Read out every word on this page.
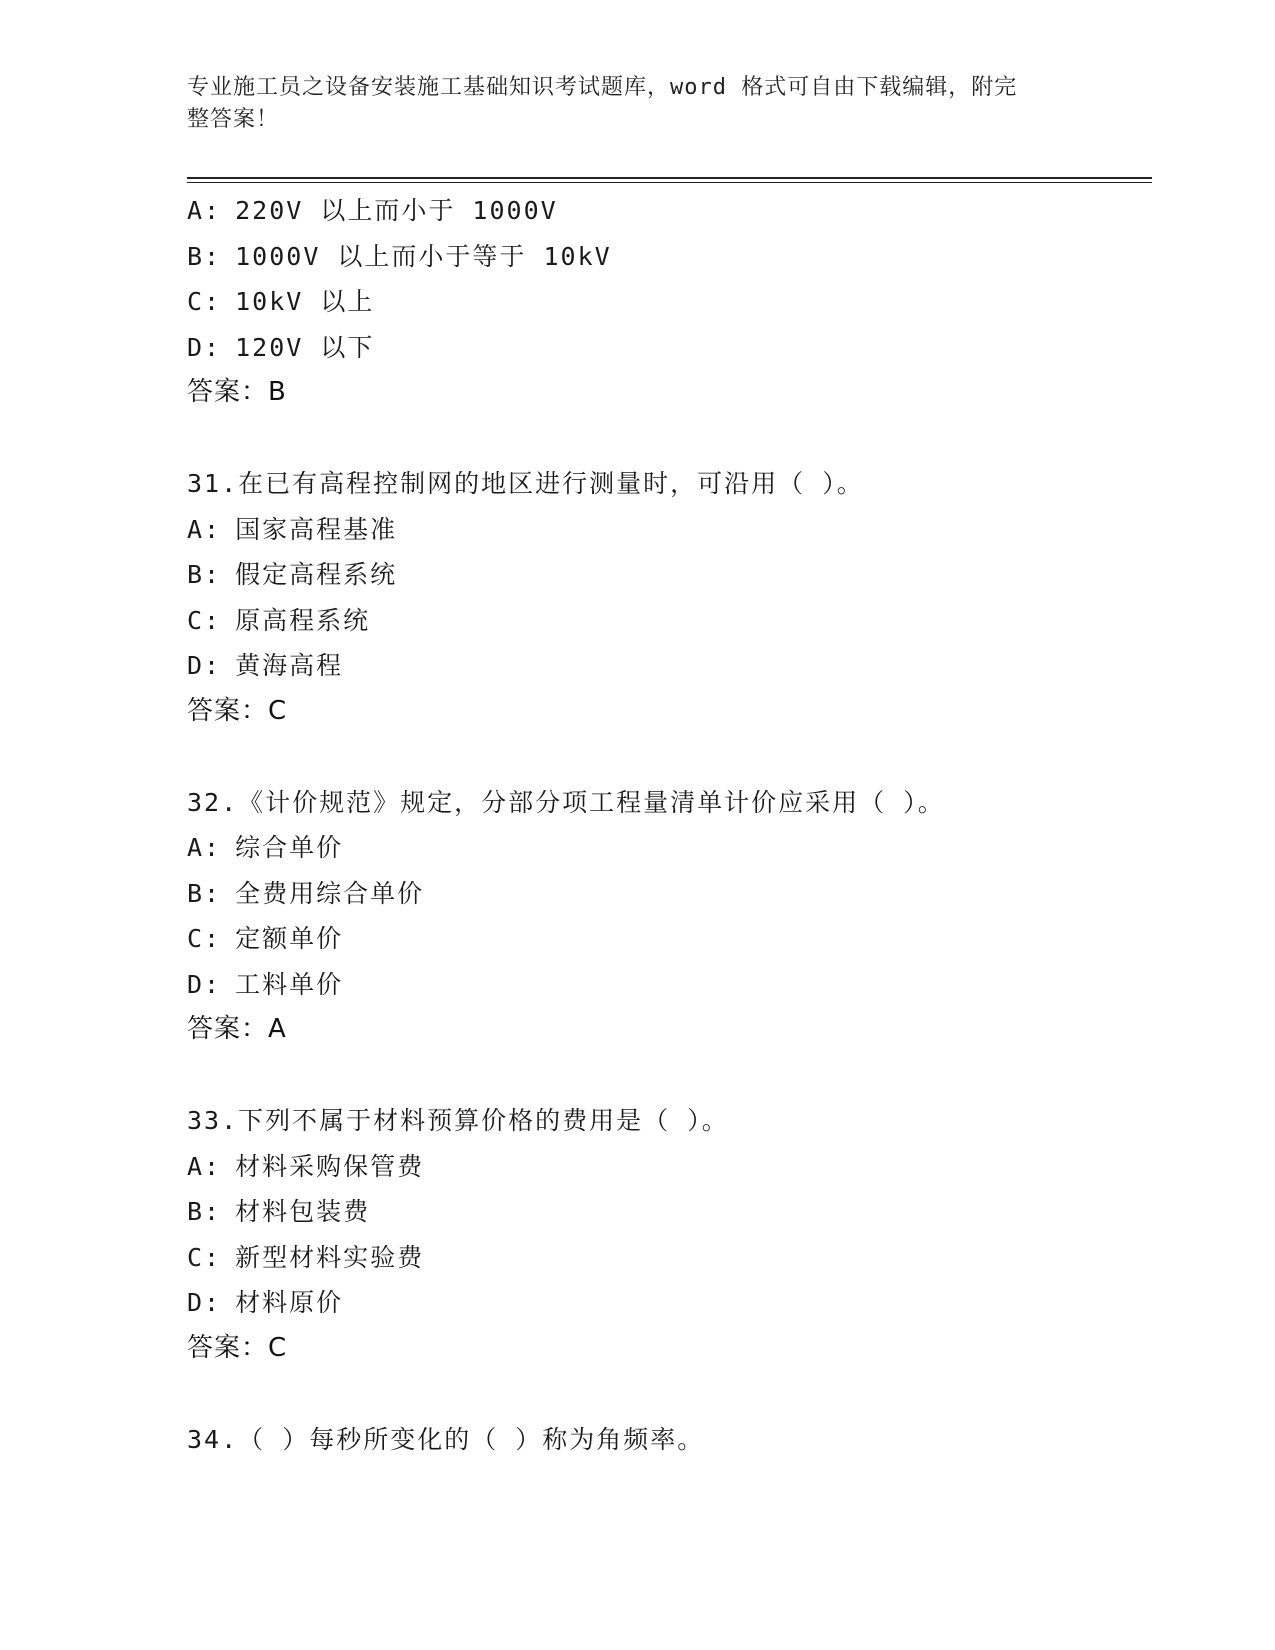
专业施工员之设备安装施工基础知识考试题库，word 格式可自由下载编辑，附完
整答案！
A: 220V 以上而小于 1000V
B: 1000V 以上而小于等于 10kV
C: 10kV 以上
D: 120V 以下
答案：B
31.在已有高程控制网的地区进行测量时，可沿用（ ）。
A: 国家高程基准
B: 假定高程系统
C: 原高程系统
D: 黄海高程
答案：C
32.《计价规范》规定，分部分项工程量清单计价应采用（ ）。
A: 综合单价
B: 全费用综合单价
C: 定额单价
D: 工料单价
答案：A
33.下列不属于材料预算价格的费用是（ ）。
A: 材料采购保管费
B: 材料包装费
C: 新型材料实验费
D: 材料原价
答案：C
34.（ ）每秒所变化的（ ）称为角频率。
